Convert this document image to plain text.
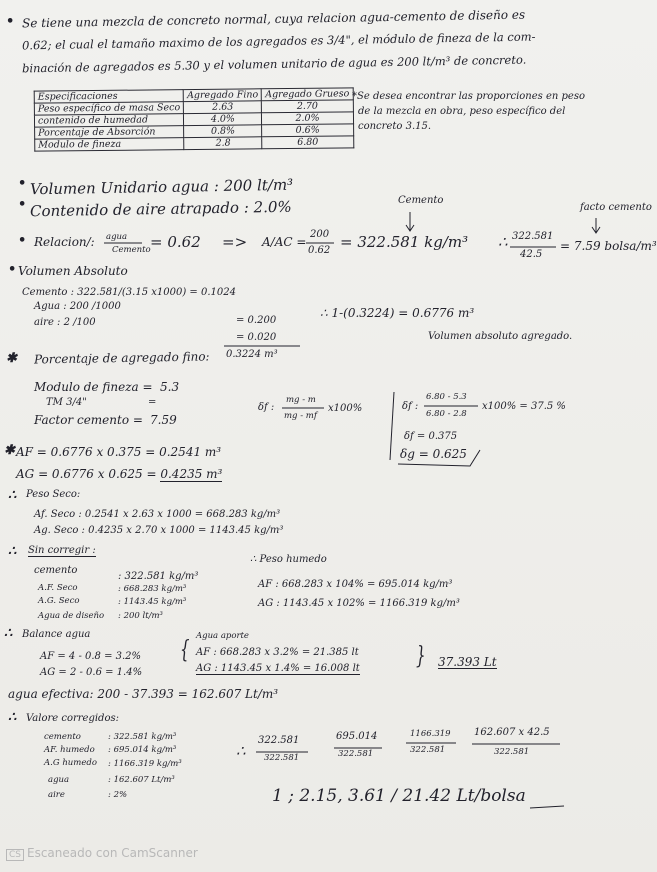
• Se tiene una mezcla de concreto normal, cuya relacion agua-cemento de diseño es
0.62; el cual el tamaño maximo de los agregados es 3/4", el módulo de fineza de la com-
binación de agregados es 5.30 y el volumen unitario de agua es 200 lt/m³ de concreto.
Especificaciones	Agregado Fino	Agregado Grueso
Peso específico de masa Seco	2.63	2.70
contenido de humedad	4.0%	2.0%
Porcentaje de Absorción	0.8%	0.6%
Modulo de fineza	2.8	6.80
*Se desea encontrar las proporciones en peso
de la mezcla en obra, peso específico del
concreto 3.15.
• Volumen Unidario agua : 200 lt/m³
• Contenido de aire atrapado : 2.0%	Cemento
facto cemento
• Relacion/: agua
Cemento = 0.62 => A/AC =
200
0.62 = 322.581 kg/m³ ∴ 322.581
42.5
= 7.59 bolsa/m³
• Volumen Absoluto
Cemento : 322.581/(3.15 x1000) = 0.1024
Agua : 200 /1000
= 0.200
aire : 2 /100
= 0.020
0.3224 m³
∴ 1-(0.3224) = 0.6776 m³
Volumen absoluto agregado.
✱ Porcentaje de agregado fino:
Modulo de fineza = 5.3
TM 3/4"	=
Factor cemento = 7.59
δf :
mg - m
mg - mf
x100%	δf :
6.80 - 5.3
6.80 - 2.8
x100% = 37.5 %
δf = 0.375
δg = 0.625
✱ AF = 0.6776 x 0.375 = 0.2541 m³
AG = 0.6776 x 0.625 = 0.4235 m³
∴ Peso Seco:
Af. Seco : 0.2541 x 2.63 x 1000 = 668.283 kg/m³
Ag. Seco : 0.4235 x 2.70 x 1000 = 1143.45 kg/m³
∴ Sin corregir :
cemento
: 322.581 kg/m³
A.F. Seco	: 668.283 kg/m³
A.G. Seco	: 1143.45 kg/m³
Agua de diseño : 200 lt/m³
∴ Peso humedo
AF : 668.283 x 104% = 695.014 kg/m³
AG : 1143.45 x 102% = 1166.319 kg/m³
∴ Balance agua
AF = 4 - 0.8 = 3.2%
AG = 2 - 0.6 = 1.4%
Agua aporte
{ AF : 668.283 x 3.2% = 21.385 lt
AG : 1143.45 x 1.4% = 16.008 lt	} 37.393 Lt
agua efectiva: 200 - 37.393 = 162.607 Lt/m³
∴ Valore corregidos:
cemento	: 322.581 kg/m³
AF. humedo : 695.014 kg/m³
A.G humedo : 1166.319 kg/m³
agua	: 162.607 Lt/m³
aire	: 2%
∴
322.581
322.581
695.014
322.581
1166.319
322.581
162.607 x 42.5
322.581
1 ; 2.15, 3.61 / 21.42 Lt/bolsa
CS Escaneado con CamScanner
